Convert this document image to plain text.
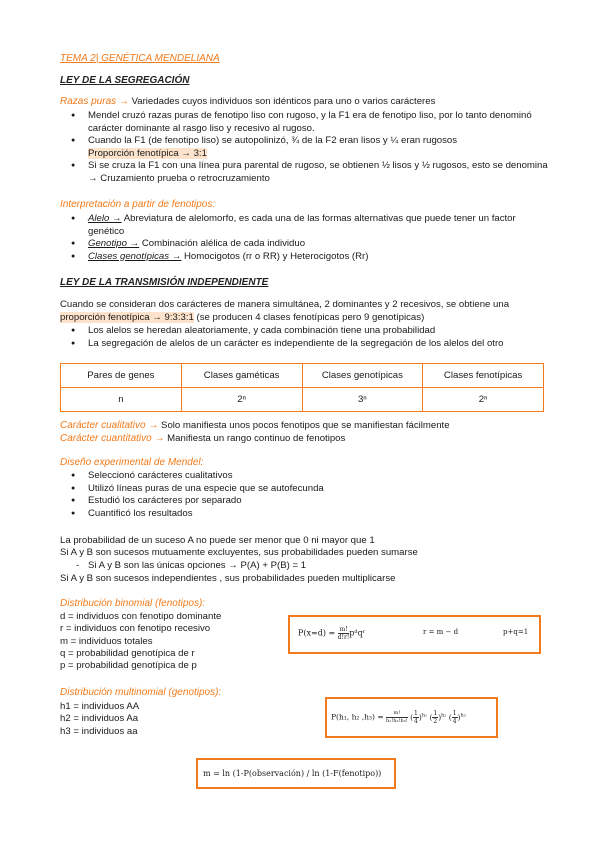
TEMA 2| GENÉTICA MENDELIANA
LEY DE LA SEGREGACIÓN
Razas puras → Variedades cuyos individuos son idénticos para uno o varios carácteres
● Mendel cruzó razas puras de fenotipo liso con rugoso, y la F1 era de fenotipo liso, por lo tanto denominó carácter dominante al rasgo liso y recesivo al rugoso.
● Cuando la F1 (de fenotipo liso) se autopolinizó, ¾ de la F2 eran lisos y ¼ eran rugosos
Proporción fenotípica → 3:1
● Si se cruza la F1 con una línea pura parental de rugoso, se obtienen ½ lisos y ½ rugosos, esto se denomina → Cruzamiento prueba o retrocruzamiento
Interpretación a partir de fenotipos:
● Alelo → Abreviatura de alelomorfo, es cada una de las formas alternativas que puede tener un factor genético
● Genotipo → Combinación alélica de cada individuo
● Clases genotípicas → Homocigotos (rr o RR) y Heterocigotos (Rr)
LEY DE LA TRANSMISIÓN INDEPENDIENTE
Cuando se consideran dos carácteres de manera simultánea, 2 dominantes y 2 recesivos, se obtiene una
proporción fenotípica → 9:3:3:1 (se producen 4 clases fenotípicas pero 9 genotípicas)
● Los alelos se heredan aleatoriamente, y cada combinación tiene una probabilidad
● La segregación de alelos de un carácter es independiente de la segregación de los alelos del otro
Pares de genes	Clases gaméticas	Clases genotípicas	Clases fenotípicas
n	2ⁿ	3ⁿ	2ⁿ
Carácter cualitativo → Solo manifiesta unos pocos fenotipos que se manifiestan fácilmente
Carácter cuantitativo → Manifiesta un rango continuo de fenotipos
Diseño experimental de Mendel:
● Seleccionó carácteres cualitativos
● Utilizó líneas puras de una especie que se autofecunda
● Estudió los carácteres por separado
● Cuantificó los resultados
La probabilidad de un suceso A no puede ser menor que 0 ni mayor que 1
Si A y B son sucesos mutuamente excluyentes, sus probabilidades pueden sumarse
- Si A y B son las únicas opciones → P(A) + P(B) = 1
Si A y B son sucesos independientes , sus probabilidades pueden multiplicarse
Distribución binomial (fenotipos):
d = individuos con fenotipo dominante
r = individuos con fenotipo recesivo
m = individuos totales
q = probabilidad genotípica de r
p = probabilidad genotípica de p
$P(x=d) = \frac{m!}{d!r!}$ pᵈqʳ	r = m − d	p+q=1
Distribución multinomial (genotipos):
h1 = individuos AA
h2 = individuos Aa
h3 = individuos aa
P(h₁, h₂ $,h_3) = \frac{m!}{\text{h₁!h₂!h₃!}}$ ( $\frac{1}{4} )^{h_1}$ ( $\frac{1}{2} )^{h_2}$ ( $\frac{1}{4} )^{h_3}$
m = ln (1-P(observación) / ln (1-F(fenotipo))
